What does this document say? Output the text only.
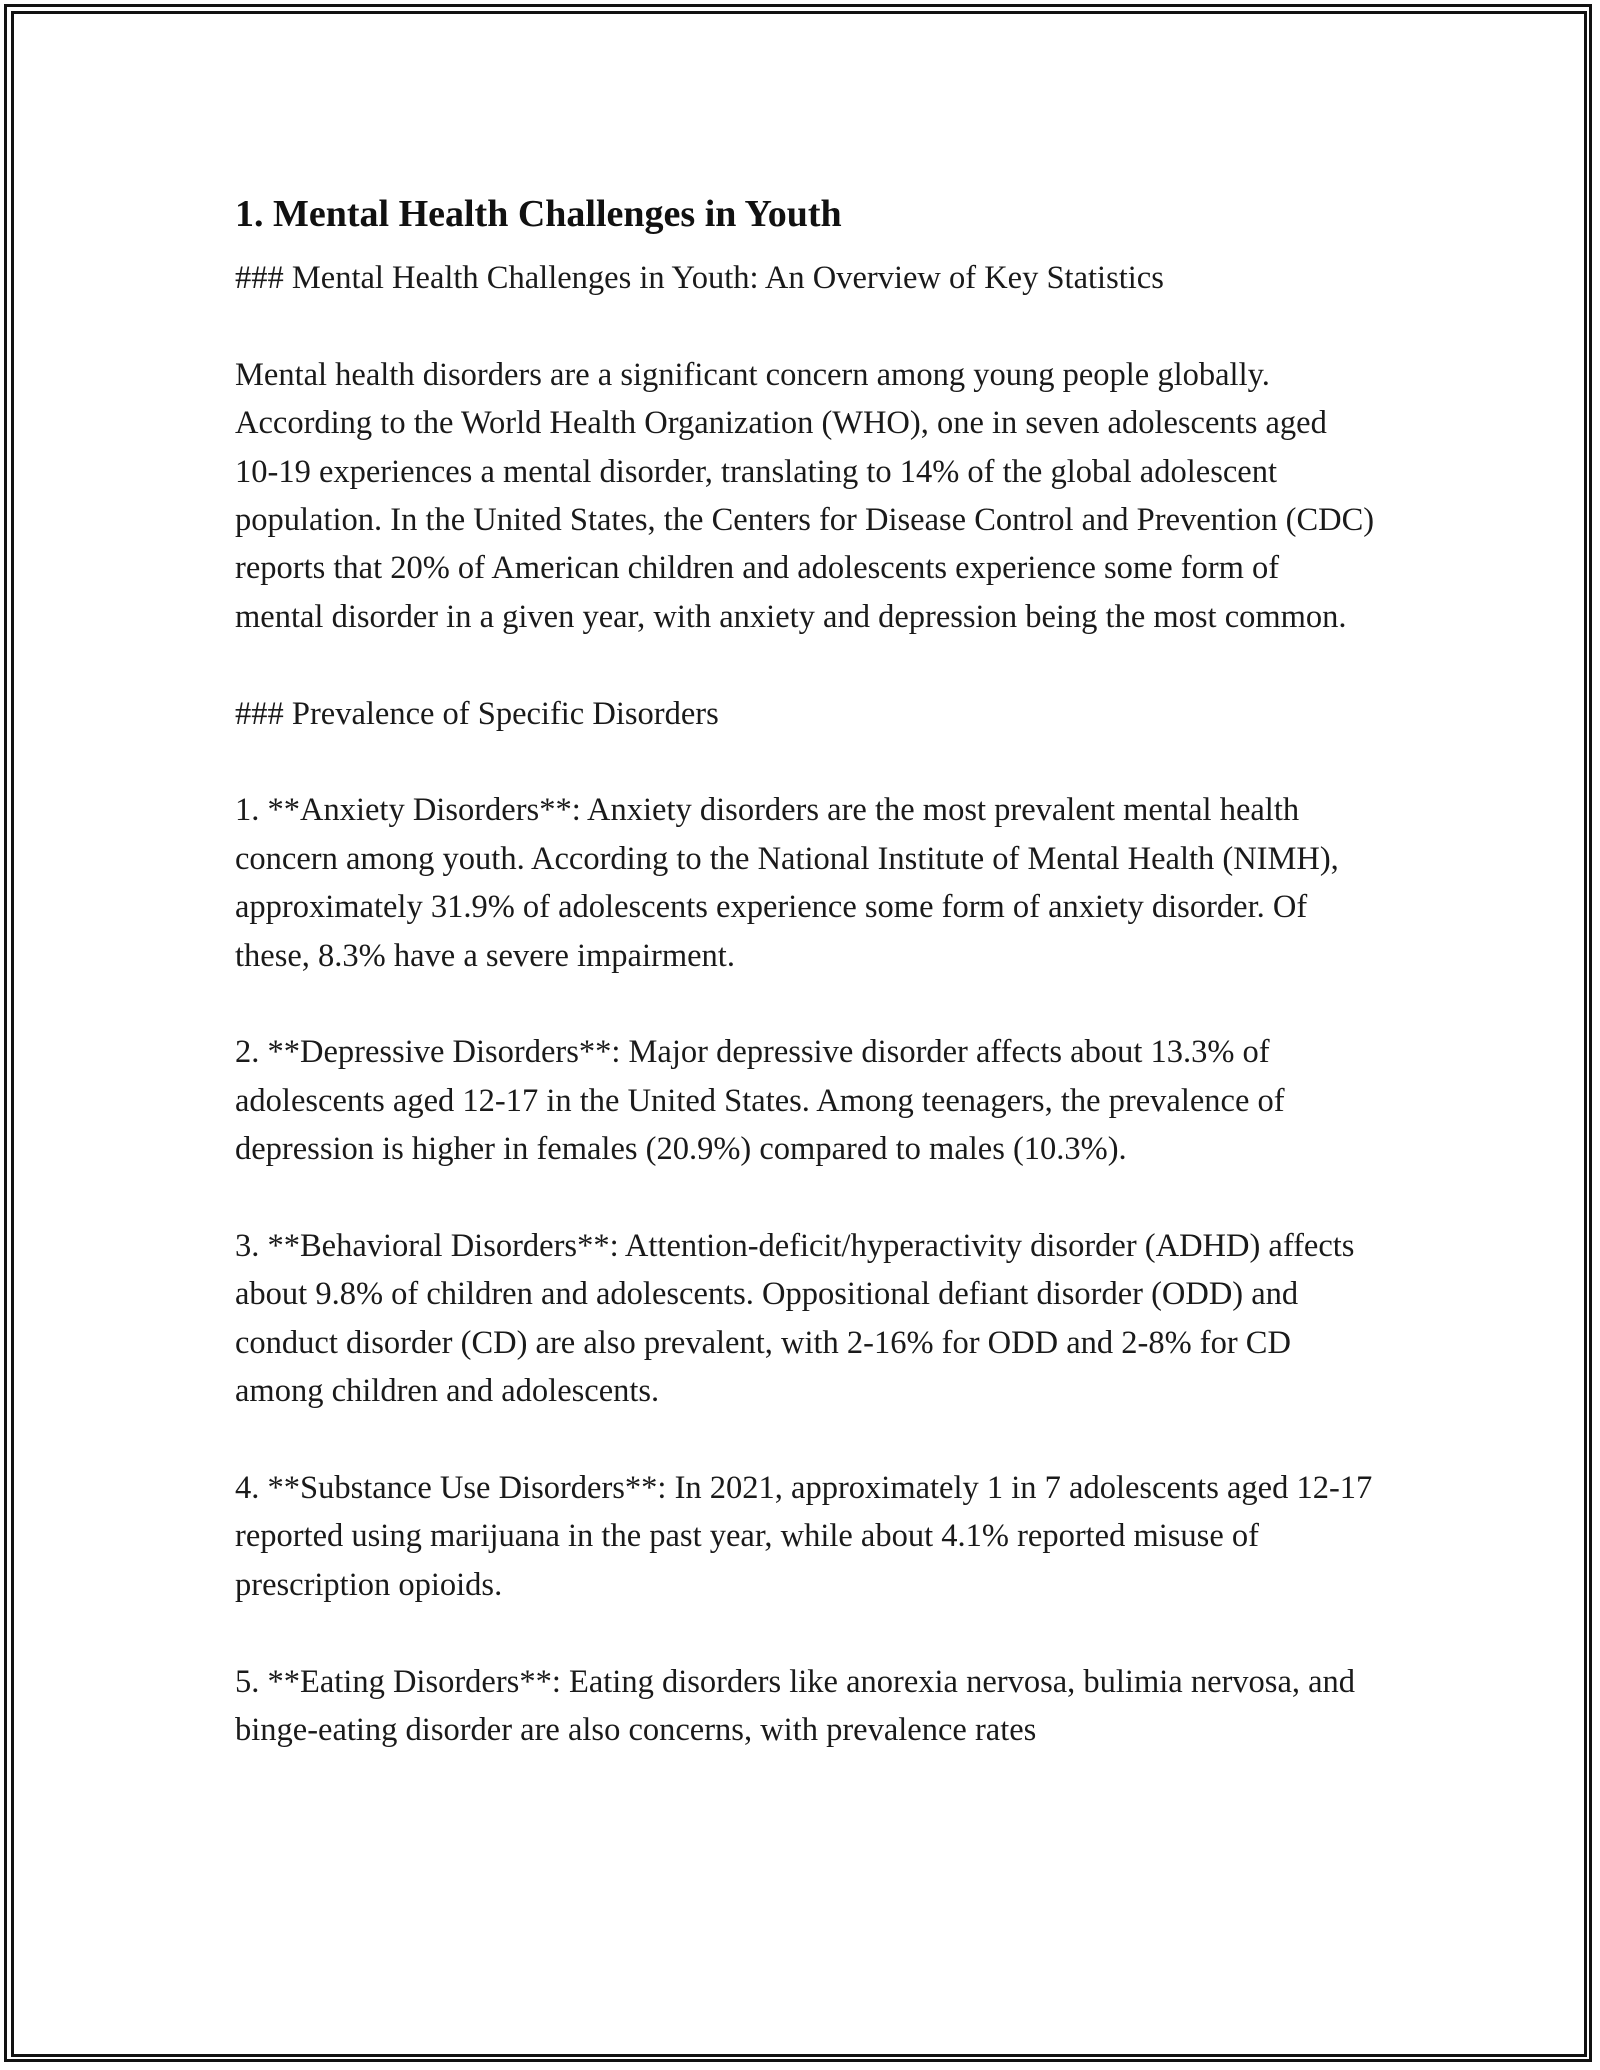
1. Mental Health Challenges in Youth

### Mental Health Challenges in Youth: An Overview of Key Statistics

Mental health disorders are a significant concern among young people globally. According to the World Health Organization (WHO), one in seven adolescents aged 10-19 experiences a mental disorder, translating to 14% of the global adolescent population. In the United States, the Centers for Disease Control and Prevention (CDC) reports that 20% of American children and adolescents experience some form of mental disorder in a given year, with anxiety and depression being the most common.

### Prevalence of Specific Disorders

1. **Anxiety Disorders**: Anxiety disorders are the most prevalent mental health concern among youth. According to the National Institute of Mental Health (NIMH), approximately 31.9% of adolescents experience some form of anxiety disorder. Of these, 8.3% have a severe impairment.

2. **Depressive Disorders**: Major depressive disorder affects about 13.3% of adolescents aged 12-17 in the United States. Among teenagers, the prevalence of depression is higher in females (20.9%) compared to males (10.3%).

3. **Behavioral Disorders**: Attention-deficit/hyperactivity disorder (ADHD) affects about 9.8% of children and adolescents. Oppositional defiant disorder (ODD) and conduct disorder (CD) are also prevalent, with 2-16% for ODD and 2-8% for CD among children and adolescents.

4. **Substance Use Disorders**: In 2021, approximately 1 in 7 adolescents aged 12-17 reported using marijuana in the past year, while about 4.1% reported misuse of prescription opioids.

5. **Eating Disorders**: Eating disorders like anorexia nervosa, bulimia nervosa, and binge-eating disorder are also concerns, with prevalence rates
